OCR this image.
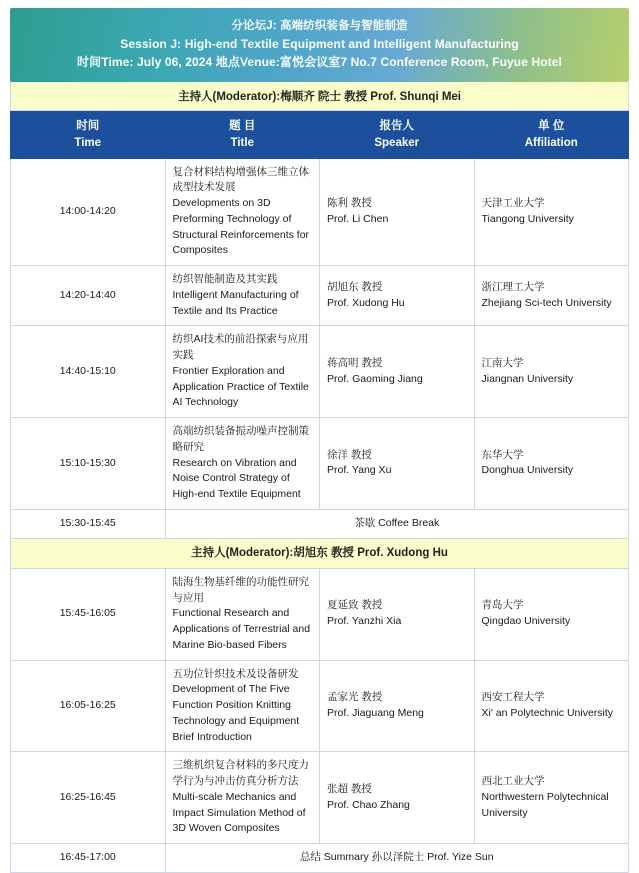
分论坛J: 高端纺织装备与智能制造
Session J: High-end Textile Equipment and Intelligent Manufacturing
时间Time: July 06, 2024 地点Venue:富悦会议室7 No.7 Conference Room, Fuyue Hotel
主持人(Moderator):梅顺齐 院士 教授 Prof. Shunqi Mei
时间
Time	题 目
Title	报告人
Speaker	单 位
Affiliation

14:00-14:20	复合材料结构增强体三维立体成型技术发展
Developments on 3D Preforming Technology of Structural Reinforcements for Composites	陈利 教授
Prof. Li Chen	天津工业大学
Tiangong University

14:20-14:40	纺织智能制造及其实践
Intelligent Manufacturing of Textile and Its Practice	胡旭东 教授
Prof. Xudong Hu	浙江理工大学
Zhejiang Sci-tech University

14:40-15:10	纺织AI技术的前沿探索与应用实践
Frontier Exploration and Application Practice of Textile AI Technology	蒋高明 教授
Prof. Gaoming Jiang	江南大学
Jiangnan University

15:10-15:30	高端纺织装备振动噪声控制策略研究
Research on Vibration and Noise Control Strategy of High-end Textile Equipment	徐洋 教授
Prof. Yang Xu	东华大学
Donghua University

15:30-15:45	茶歇 Coffee Break		
主持人(Moderator):胡旭东 教授 Prof. Xudong Hu			
15:45-16:05	陆海生物基纤维的功能性研究与应用
Functional Research and Applications of Terrestrial and Marine Bio-based Fibers	夏延致 教授
Prof. Yanzhi Xia	青岛大学
Qingdao University

16:05-16:25	五功位针织技术及设备研发
Development of The Five Function Position Knitting Technology and Equipment Brief Introduction	孟家光 教授
Prof. Jiaguang Meng	西安工程大学
Xi' an Polytechnic University

16:25-16:45	三维机织复合材料的多尺度力学行为与冲击仿真分析方法
Multi-scale Mechanics and Impact Simulation Method of 3D Woven Composites	张超 教授
Prof. Chao Zhang	西北工业大学
Northwestern Polytechnical University

16:45-17:00	总结 Summary 孙以泽院士 Prof. Yize Sun		
